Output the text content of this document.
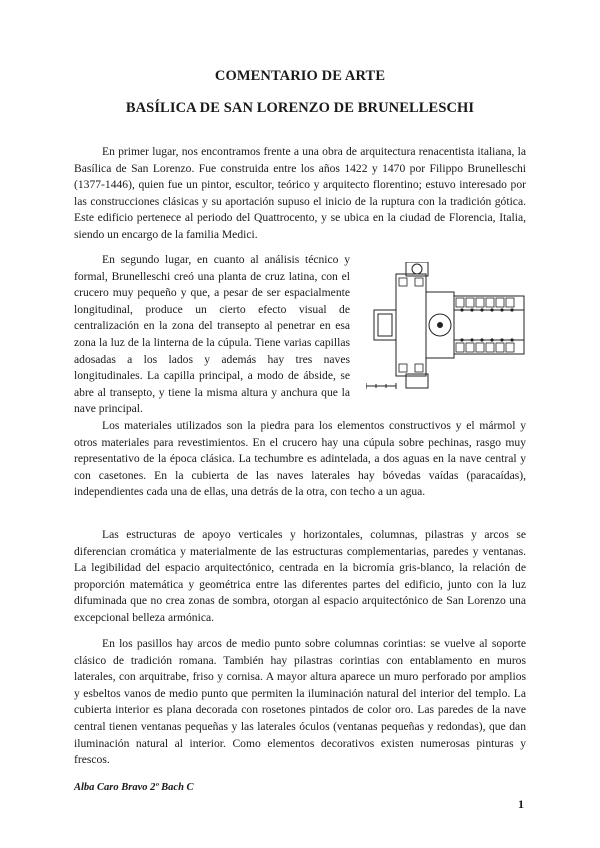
COMENTARIO DE ARTE
BASÍLICA DE SAN LORENZO DE BRUNELLESCHI

En primer lugar, nos encontramos frente a una obra de arquitectura renacentista italiana, la Basílica de San Lorenzo. Fue construida entre los años 1422 y 1470 por Filippo Brunelleschi (1377-1446), quien fue un pintor, escultor, teórico y arquitecto florentino; estuvo interesado por las construcciones clásicas y su aportación supuso el inicio de la ruptura con la tradición gótica. Este edificio pertenece al periodo del Quattrocento, y se ubica en la ciudad de Florencia, Italia, siendo un encargo de la familia Medici.

En segundo lugar, en cuanto al análisis técnico y formal, Brunelleschi creó una planta de cruz latina, con el crucero muy pequeño y que, a pesar de ser espacialmente longitudinal, produce un cierto efecto visual de centralización en la zona del transepto al penetrar en esa zona la luz de la linterna de la cúpula. Tiene varias capillas adosadas a los lados y además hay tres naves longitudinales. La capilla principal, a modo de ábside, se abre al transepto, y tiene la misma altura y anchura que la nave principal.

Los materiales utilizados son la piedra para los elementos constructivos y el mármol y otros materiales para revestimientos. En el crucero hay una cúpula sobre pechinas, rasgo muy representativo de la época clásica. La techumbre es adintelada, a dos aguas en la nave central y con casetones. En la cubierta de las naves laterales hay bóvedas vaídas (paracaídas), independientes cada una de ellas, una detrás de la otra, con techo a un agua.

Las estructuras de apoyo verticales y horizontales, columnas, pilastras y arcos se diferencian cromática y materialmente de las estructuras complementarias, paredes y ventanas. La legibilidad del espacio arquitectónico, centrada en la bicromía gris-blanco, la relación de proporción matemática y geométrica entre las diferentes partes del edificio, junto con la luz difuminada que no crea zonas de sombra, otorgan al espacio arquitectónico de San Lorenzo una excepcional belleza armónica.

En los pasillos hay arcos de medio punto sobre columnas corintias: se vuelve al soporte clásico de tradición romana. También hay pilastras corintias con entablamento en muros laterales, con arquitrabe, friso y cornisa. A mayor altura aparece un muro perforado por amplios y esbeltos vanos de medio punto que permiten la iluminación natural del interior del templo. La cubierta interior es plana decorada con rosetones pintados de color oro. Las paredes de la nave central tienen ventanas pequeñas y las laterales óculos (ventanas pequeñas y redondas), que dan iluminación natural al interior. Como elementos decorativos existen numerosas pinturas y frescos.

Alba Caro Bravo 2º Bach C
1
